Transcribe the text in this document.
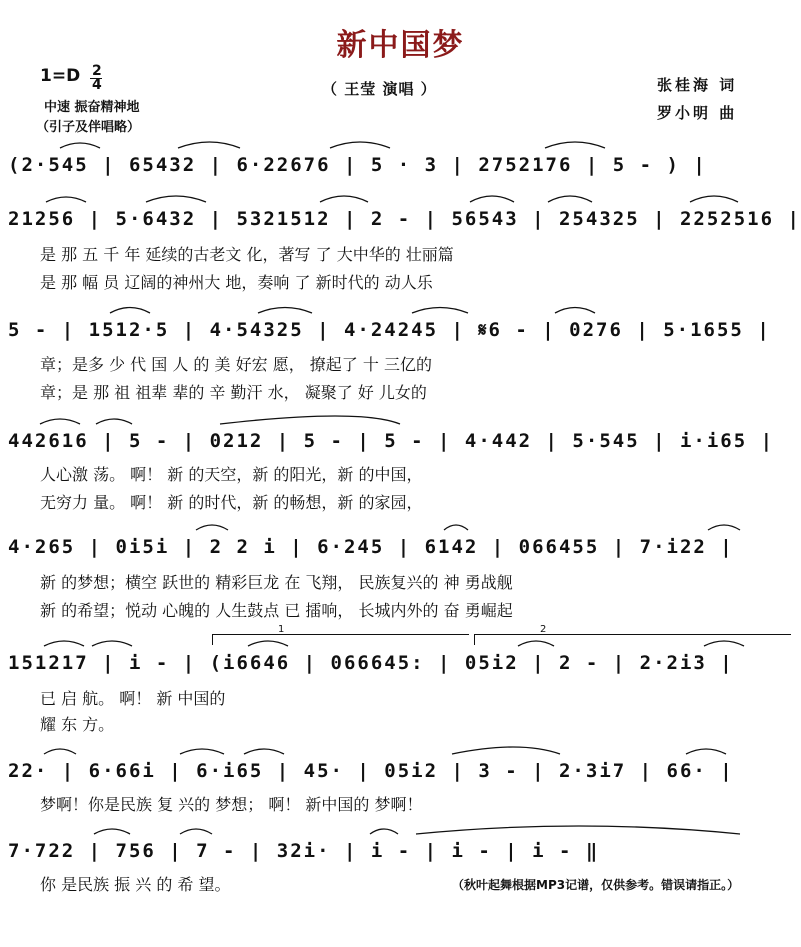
新中国梦
1=D 2
4
中速 振奋精神地
（引子及伴唱略）
（ 王莹 演唱 ）	张桂海 词
罗小明 曲
(2·545 | 65432 | 6·22676 | 5 · 3 | 2752176 | 5 - ) |
21256 | 5·6432 | 5321512 | 2 - | 56543 | 254325 | 2252516 |
是 那 五 千 年 延续的古老文 化，著写 了 大中华的 壮丽篇
是 那 幅 员 辽阔的神州大 地，奏响 了 新时代的 动人乐
5 - | 1512·5 | 4·54325 | 4·24245 | 𝄋6 - | 0276 | 5·1655 |
章；是多 少 代 国 人 的 美 好宏 愿， 撩起了 十 三亿的
章；是 那 祖 祖辈 辈的 辛 勤汗 水， 凝聚了 好 儿女的
442616 | 5 - | 0212 | 5 - | 5 - | 4·442 | 5·545 | i·i65 |
人心激 荡。 啊！ 新 的天空，新 的阳光，新 的中国，
无穷力 量。 啊！ 新 的时代，新 的畅想，新 的家园，
4·265 | 0i5i | 2 2 i | 6·245 | 6142 | 066455 | 7·i22 |
新 的梦想；横空 跃世的 精彩巨龙 在 飞翔， 民族复兴的 神 勇战舰
新 的希望；悦动 心魄的 人生鼓点 已 擂响， 长城内外的 奋 勇崛起
1	2
151217 | i - | (i6646 | 066645: | 05i2 | 2 - | 2·2i3 |
已 启 航。 啊！ 新 中国的
耀 东 方。
22· | 6·66i | 6·i65 | 45· | 05i2 | 3 - | 2·3i7 | 66· |
梦啊！你是民族 复 兴的 梦想； 啊！ 新中国的 梦啊！
7·722 | 756 | 7 - | 32i· | i - | i - | i - ‖
你 是民族 振 兴 的 希 望。	（秋叶起舞根据MP3记谱，仅供参考。错误请指正。）
